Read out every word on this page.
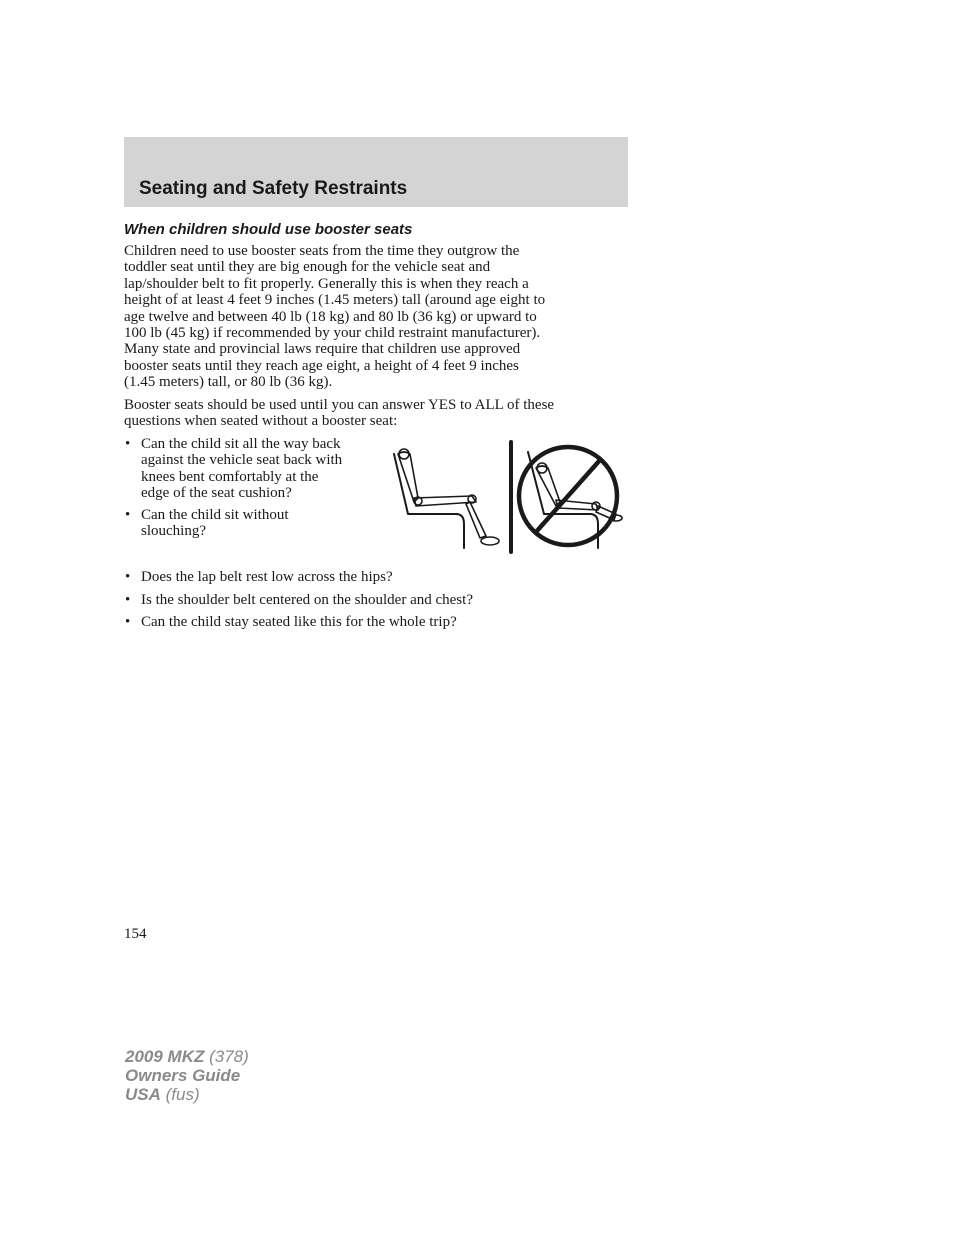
Seating and Safety Restraints
When children should use booster seats
Children need to use booster seats from the time they outgrow the
toddler seat until they are big enough for the vehicle seat and
lap/shoulder belt to fit properly. Generally this is when they reach a
height of at least 4 feet 9 inches (1.45 meters) tall (around age eight to
age twelve and between 40 lb (18 kg) and 80 lb (36 kg) or upward to
100 lb (45 kg) if recommended by your child restraint manufacturer).
Many state and provincial laws require that children use approved
booster seats until they reach age eight, a height of 4 feet 9 inches
(1.45 meters) tall, or 80 lb (36 kg).
Booster seats should be used until you can answer YES to ALL of these
questions when seated without a booster seat:
• Can the child sit all the way back
against the vehicle seat back with
knees bent comfortably at the
edge of the seat cushion?
• Can the child sit without
slouching?
• Does the lap belt rest low across the hips?
• Is the shoulder belt centered on the shoulder and chest?
• Can the child stay seated like this for the whole trip?
154
2009 MKZ (378)
Owners Guide
USA (fus)
